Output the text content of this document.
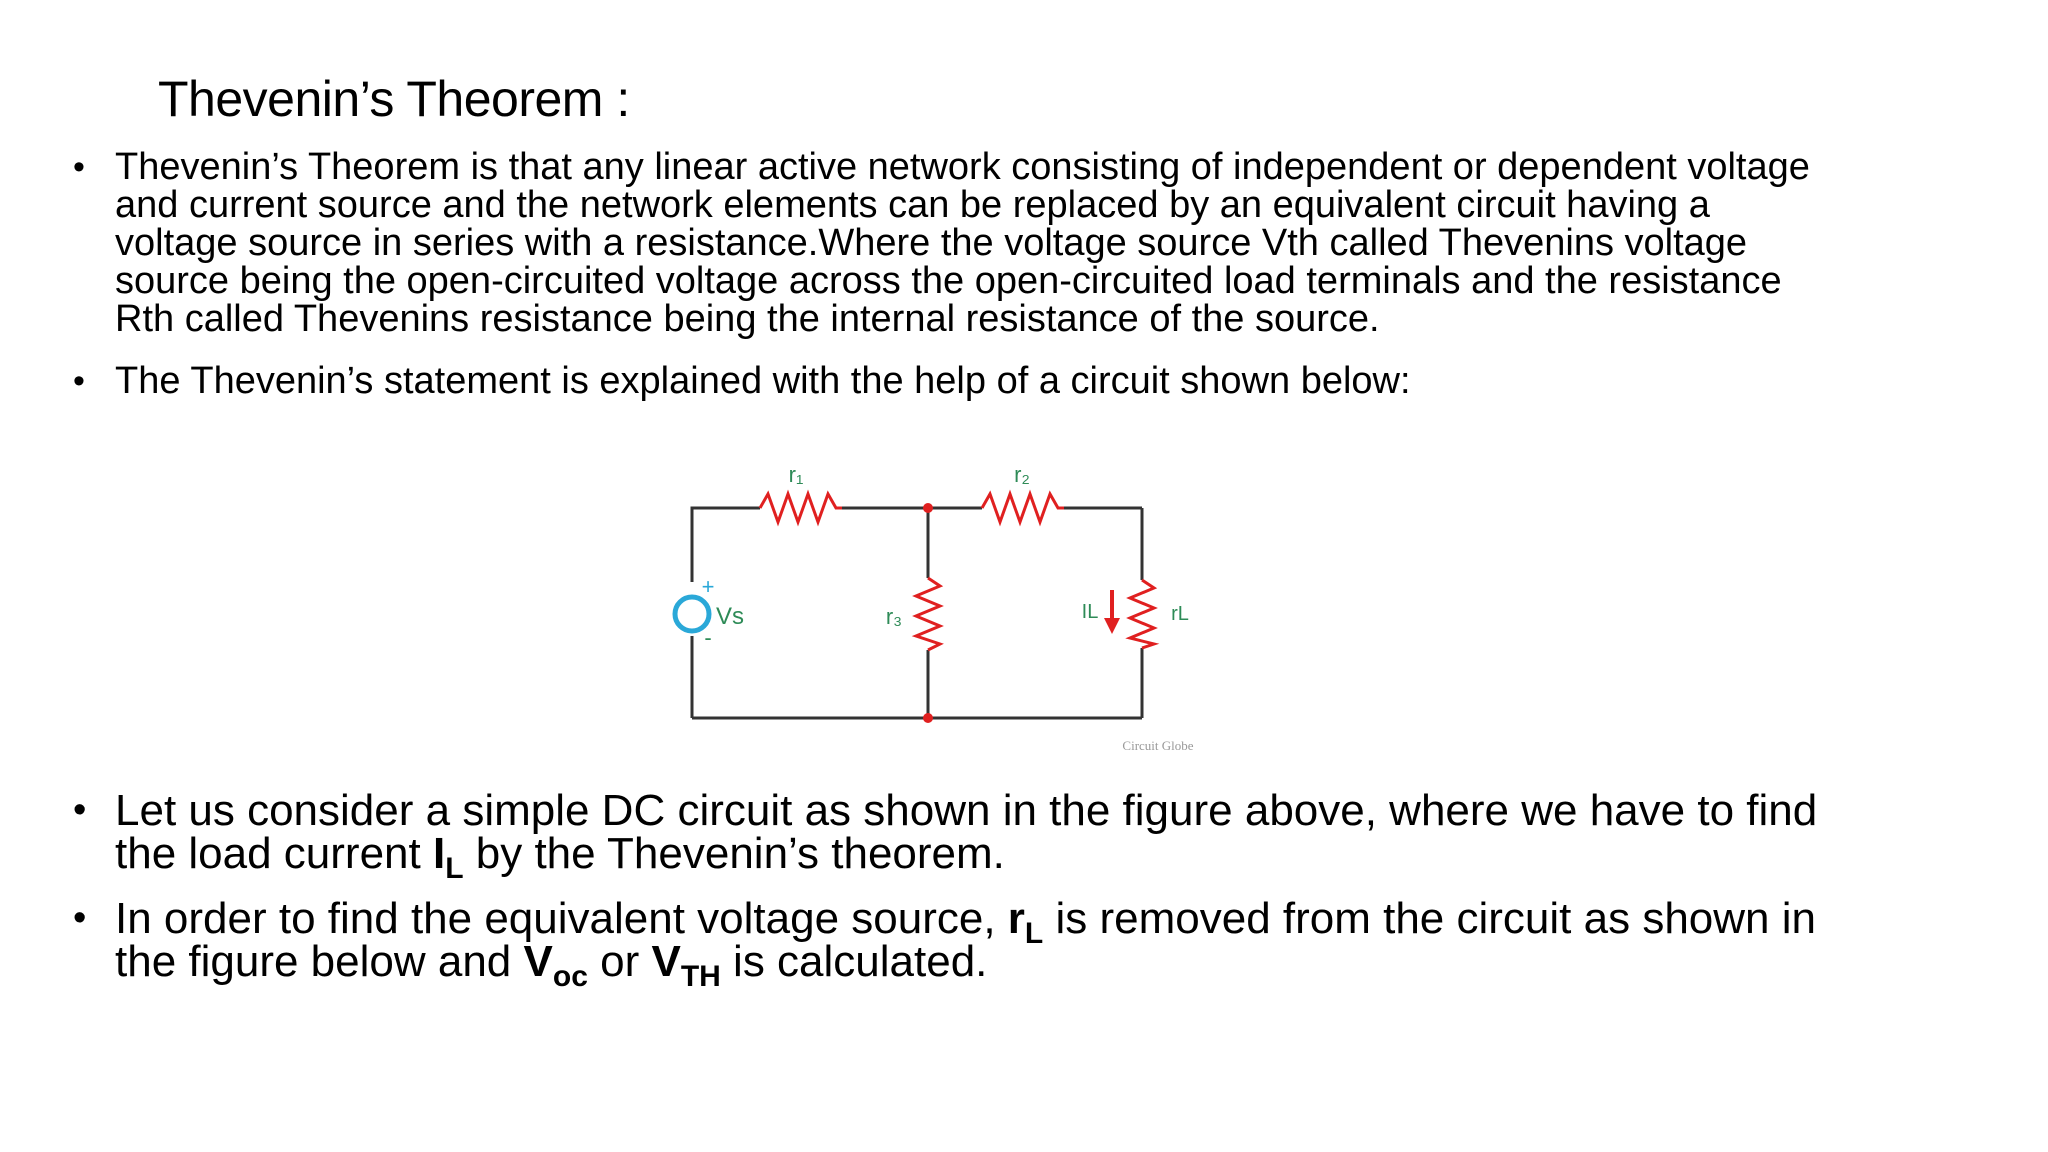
Thevenin’s Theorem :
• Thevenin’s Theorem is that any linear active network consisting of independent or dependent voltage
and current source and the network elements can be replaced by an equivalent circuit having a
voltage source in series with a resistance.Where the voltage source Vth called Thevenins voltage
source being the open-circuited voltage across the open-circuited load terminals and the resistance
Rth called Thevenins resistance being the internal resistance of the source.
• The Thevenin’s statement is explained with the help of a circuit shown below:
r₁	r₂
r₃	rL
IL
Vs
+
-
Circuit Globe
• Let us consider a simple DC circuit as shown in the figure above, where we have to find
the load current $I_L$ by the Thevenin’s theorem.
• In order to find the equivalent voltage source, $r_L$ is removed from the circuit as shown in
the figure below and $V_{oc}$ or $V_{TH}$ is calculated.
